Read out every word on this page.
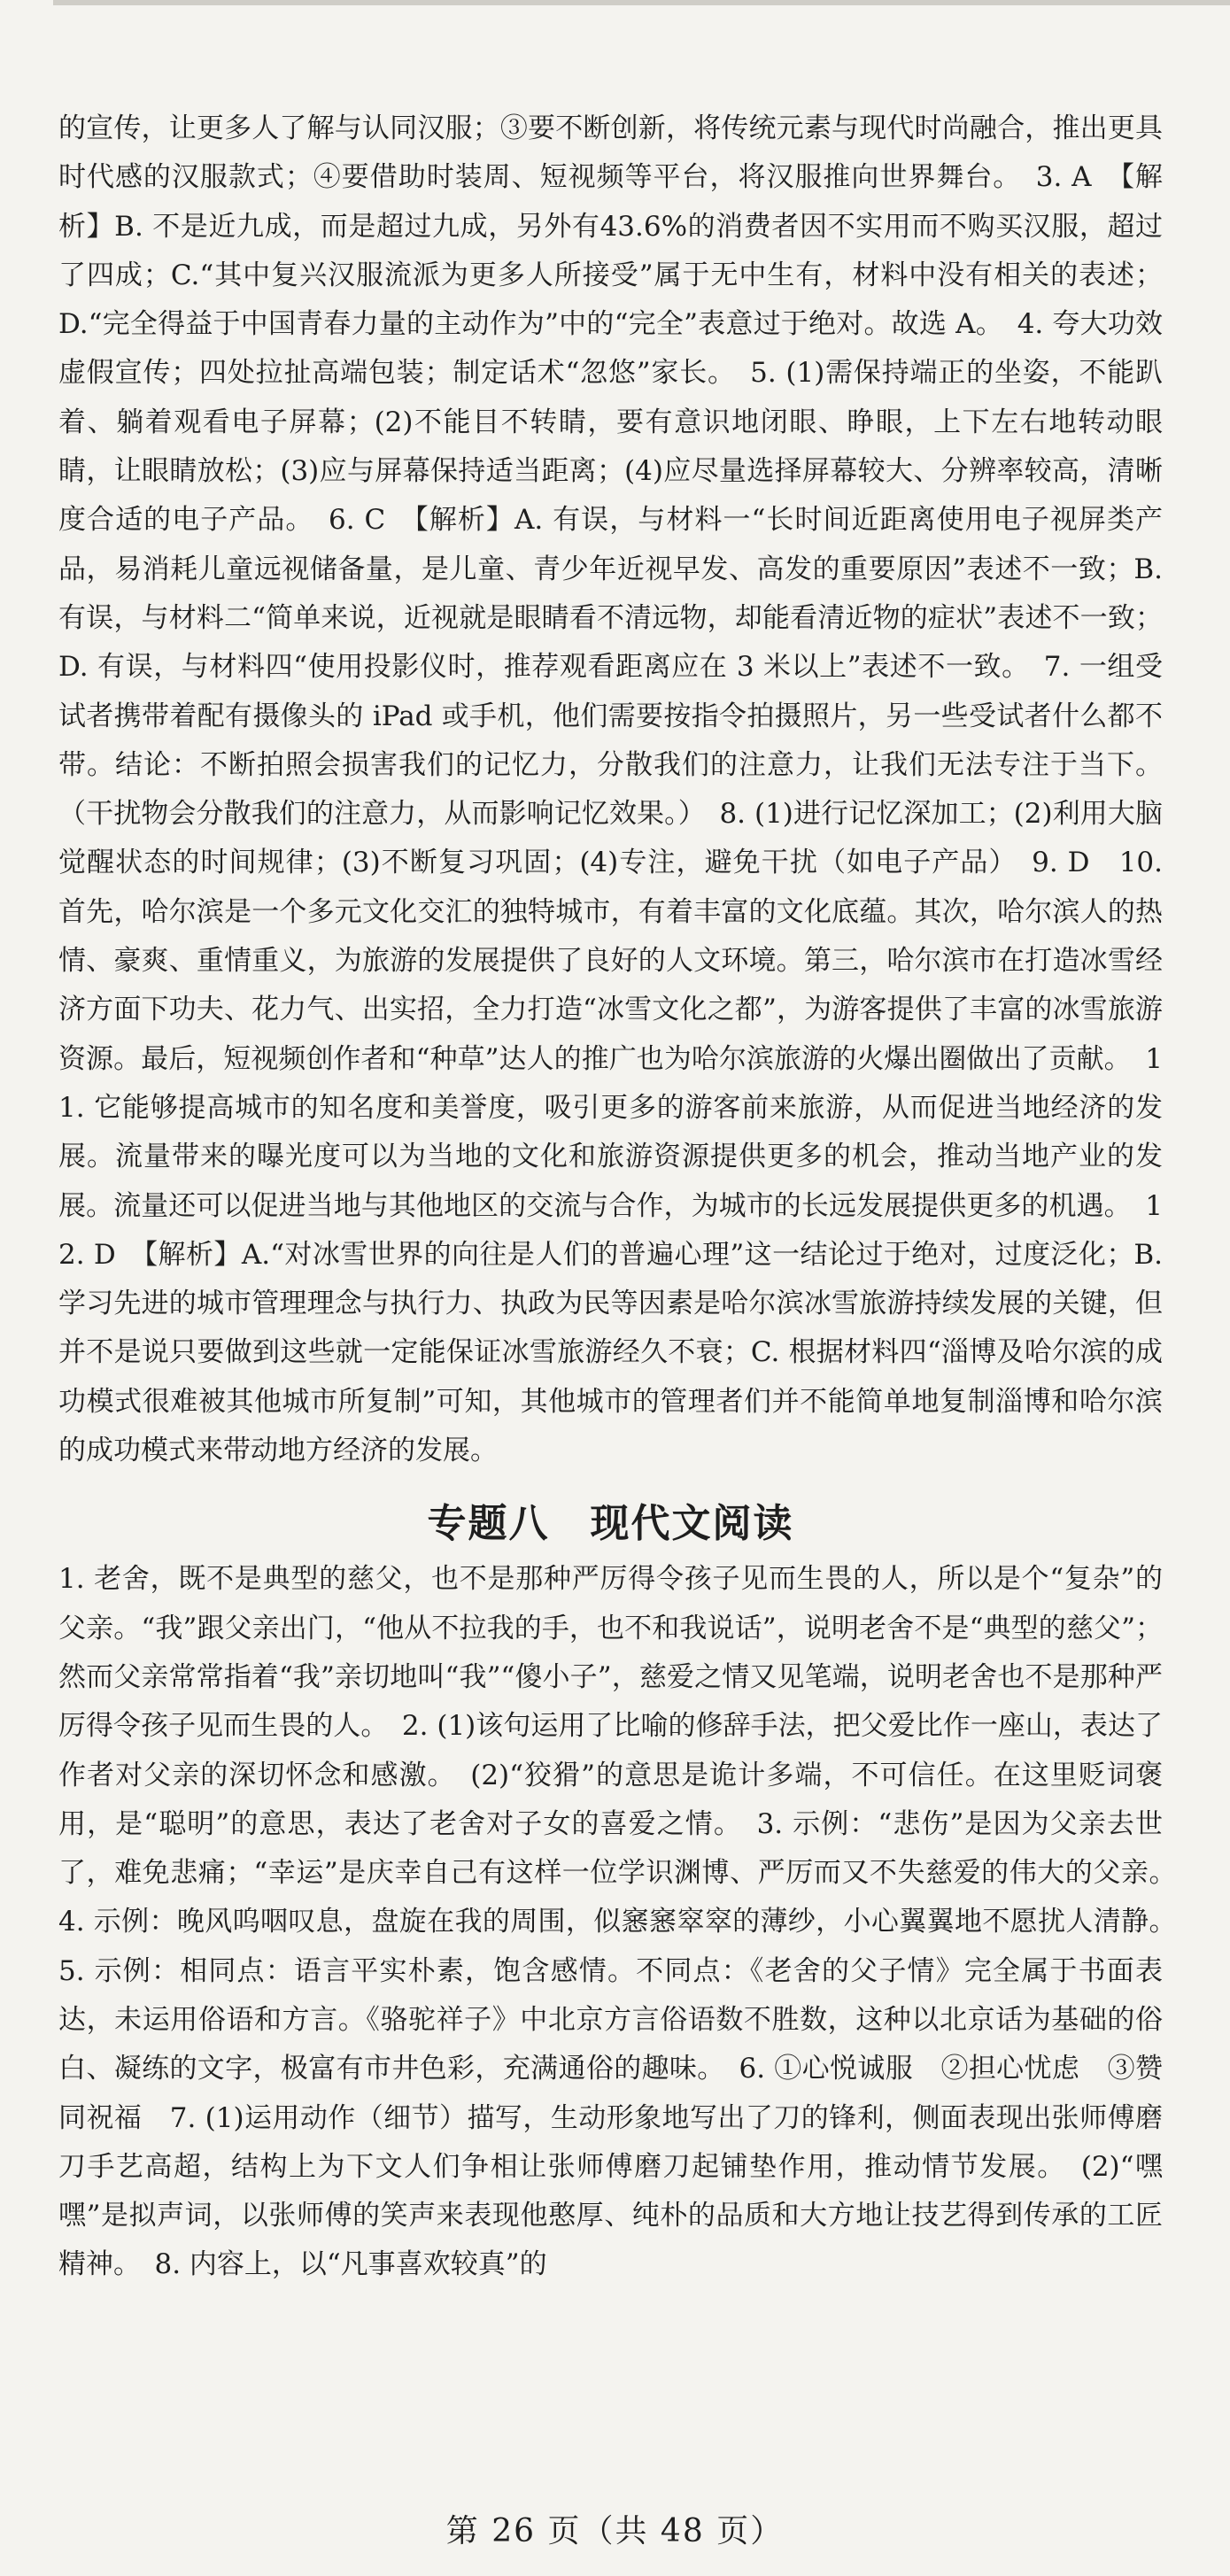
的宣传，让更多人了解与认同汉服；③要不断创新，将传统元素与现代时尚融合，推出更具时代感的汉服款式；④要借助时装周、短视频等平台，将汉服推向世界舞台。　3. A　【解析】B. 不是近九成，而是超过九成，另外有43.6%的消费者因不实用而不购买汉服，超过了四成；C.“其中复兴汉服流派为更多人所接受”属于无中生有，材料中没有相关的表述；D.“完全得益于中国青春力量的主动作为”中的“完全”表意过于绝对。故选 A。　4. 夸大功效虚假宣传；四处拉扯高端包装；制定话术“忽悠”家长。　5. (1)需保持端正的坐姿，不能趴着、躺着观看电子屏幕；(2)不能目不转睛，要有意识地闭眼、睁眼，上下左右地转动眼睛，让眼睛放松；(3)应与屏幕保持适当距离；(4)应尽量选择屏幕较大、分辨率较高，清晰度合适的电子产品。　6. C　【解析】A. 有误，与材料一“长时间近距离使用电子视屏类产品，易消耗儿童远视储备量，是儿童、青少年近视早发、高发的重要原因”表述不一致；B. 有误，与材料二“简单来说，近视就是眼睛看不清远物，却能看清近物的症状”表述不一致；D. 有误，与材料四“使用投影仪时，推荐观看距离应在 3 米以上”表述不一致。　7. 一组受试者携带着配有摄像头的 iPad 或手机，他们需要按指令拍摄照片，另一些受试者什么都不带。结论：不断拍照会损害我们的记忆力，分散我们的注意力，让我们无法专注于当下。（干扰物会分散我们的注意力，从而影响记忆效果。）　8. (1)进行记忆深加工；(2)利用大脑觉醒状态的时间规律；(3)不断复习巩固；(4)专注，避免干扰（如电子产品）　9. D　10. 首先，哈尔滨是一个多元文化交汇的独特城市，有着丰富的文化底蕴。其次，哈尔滨人的热情、豪爽、重情重义，为旅游的发展提供了良好的人文环境。第三，哈尔滨市在打造冰雪经济方面下功夫、花力气、出实招，全力打造“冰雪文化之都”，为游客提供了丰富的冰雪旅游资源。最后，短视频创作者和“种草”达人的推广也为哈尔滨旅游的火爆出圈做出了贡献。　11. 它能够提高城市的知名度和美誉度，吸引更多的游客前来旅游，从而促进当地经济的发展。流量带来的曝光度可以为当地的文化和旅游资源提供更多的机会，推动当地产业的发展。流量还可以促进当地与其他地区的交流与合作，为城市的长远发展提供更多的机遇。　12. D　【解析】A.“对冰雪世界的向往是人们的普遍心理”这一结论过于绝对，过度泛化；B. 学习先进的城市管理理念与执行力、执政为民等因素是哈尔滨冰雪旅游持续发展的关键，但并不是说只要做到这些就一定能保证冰雪旅游经久不衰；C. 根据材料四“淄博及哈尔滨的成功模式很难被其他城市所复制”可知，其他城市的管理者们并不能简单地复制淄博和哈尔滨的成功模式来带动地方经济的发展。

专题八　现代文阅读

1. 老舍，既不是典型的慈父，也不是那种严厉得令孩子见而生畏的人，所以是个“复杂”的父亲。“我”跟父亲出门，“他从不拉我的手，也不和我说话”，说明老舍不是“典型的慈父”；然而父亲常常指着“我”亲切地叫“我”“傻小子”，慈爱之情又见笔端，说明老舍也不是那种严厉得令孩子见而生畏的人。　2. (1)该句运用了比喻的修辞手法，把父爱比作一座山，表达了作者对父亲的深切怀念和感激。　(2)“狡猾”的意思是诡计多端，不可信任。在这里贬词褒用，是“聪明”的意思，表达了老舍对子女的喜爱之情。　3. 示例：“悲伤”是因为父亲去世了，难免悲痛；“幸运”是庆幸自己有这样一位学识渊博、严厉而又不失慈爱的伟大的父亲。　4. 示例：晚风呜咽叹息，盘旋在我的周围，似窸窸窣窣的薄纱，小心翼翼地不愿扰人清静。　5. 示例：相同点：语言平实朴素，饱含感情。不同点：《老舍的父子情》完全属于书面表达，未运用俗语和方言。《骆驼祥子》中北京方言俗语数不胜数，这种以北京话为基础的俗白、凝练的文字，极富有市井色彩，充满通俗的趣味。　6. ①心悦诚服　②担心忧虑　③赞同祝福　7. (1)运用动作（细节）描写，生动形象地写出了刀的锋利，侧面表现出张师傅磨刀手艺高超，结构上为下文人们争相让张师傅磨刀起铺垫作用，推动情节发展。　(2)“嘿嘿”是拟声词，以张师傅的笑声来表现他憨厚、纯朴的品质和大方地让技艺得到传承的工匠精神。　8. 内容上，以“凡事喜欢较真”的

第 26 页（共 48 页）
